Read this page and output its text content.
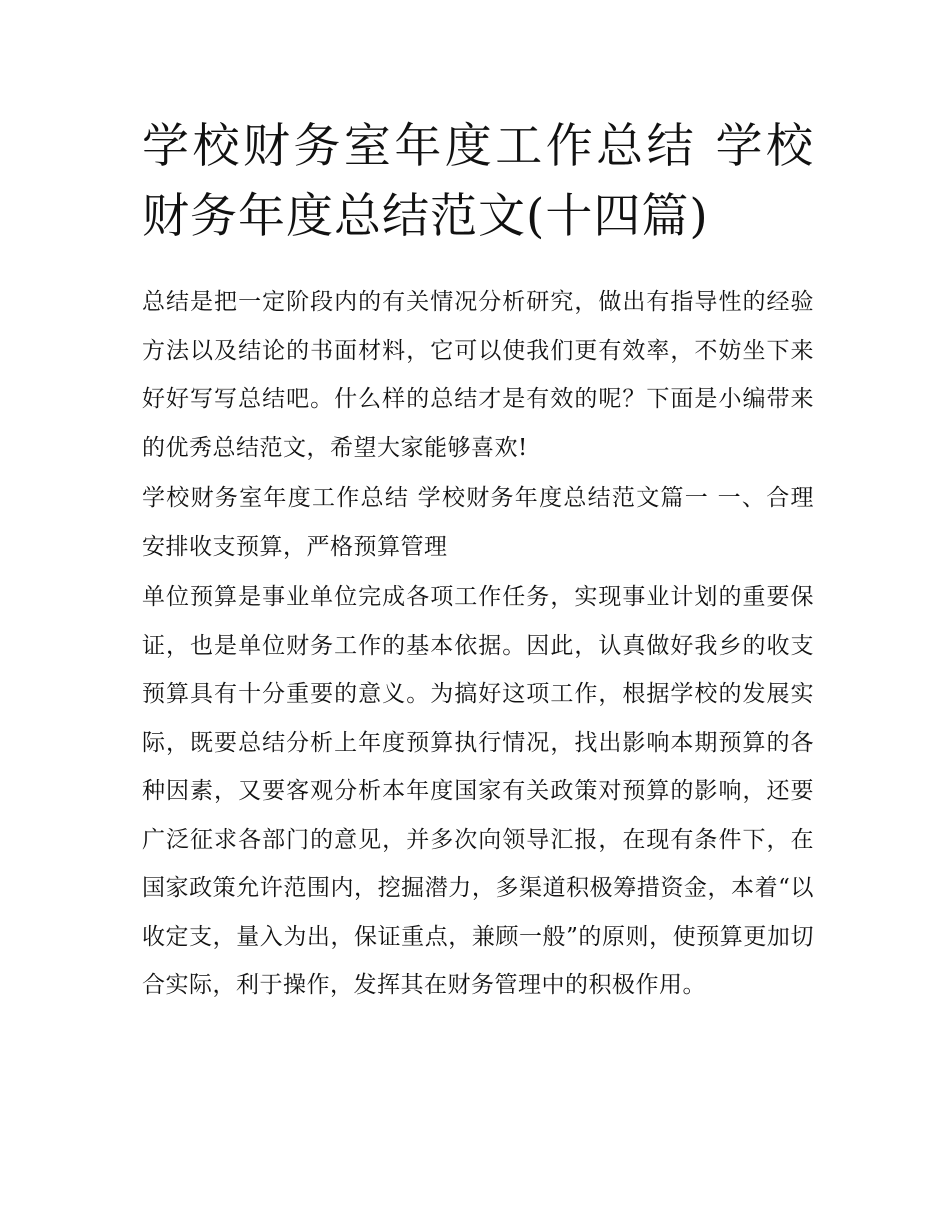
学校财务室年度工作总结 学校财务年度总结范文(十四篇)

总结是把一定阶段内的有关情况分析研究，做出有指导性的经验方法以及结论的书面材料，它可以使我们更有效率，不妨坐下来好好写写总结吧。什么样的总结才是有效的呢？下面是小编带来的优秀总结范文，希望大家能够喜欢!

学校财务室年度工作总结 学校财务年度总结范文篇一 一、合理安排收支预算，严格预算管理

单位预算是事业单位完成各项工作任务，实现事业计划的重要保证，也是单位财务工作的基本依据。因此，认真做好我乡的收支预算具有十分重要的意义。为搞好这项工作，根据学校的发展实际，既要总结分析上年度预算执行情况，找出影响本期预算的各种因素，又要客观分析本年度国家有关政策对预算的影响，还要广泛征求各部门的意见，并多次向领导汇报，在现有条件下，在国家政策允许范围内，挖掘潜力，多渠道积极筹措资金，本着“以收定支，量入为出，保证重点，兼顾一般”的原则，使预算更加切合实际，利于操作，发挥其在财务管理中的积极作用。
